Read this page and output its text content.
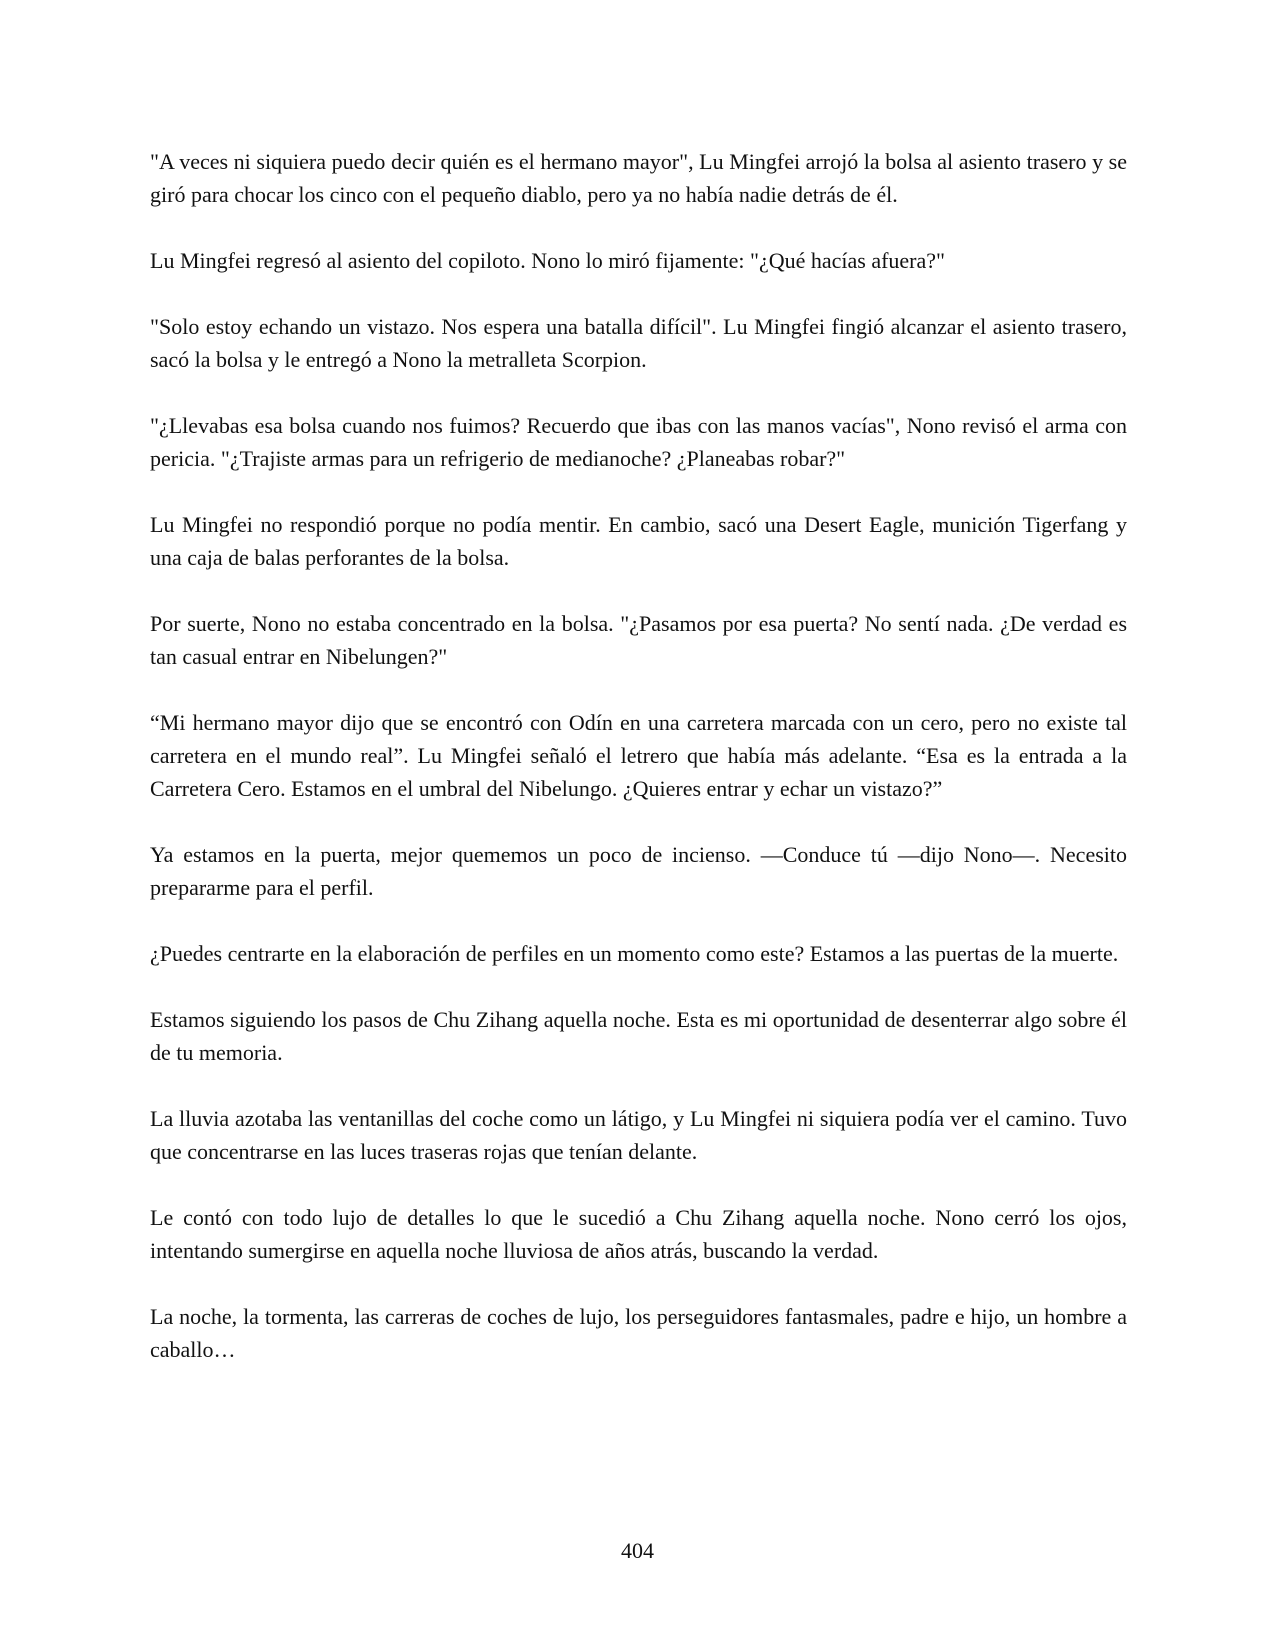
"A veces ni siquiera puedo decir quién es el hermano mayor", Lu Mingfei arrojó la bolsa al asiento trasero y se giró para chocar los cinco con el pequeño diablo, pero ya no había nadie detrás de él.

Lu Mingfei regresó al asiento del copiloto. Nono lo miró fijamente: "¿Qué hacías afuera?"

"Solo estoy echando un vistazo. Nos espera una batalla difícil". Lu Mingfei fingió alcanzar el asiento trasero, sacó la bolsa y le entregó a Nono la metralleta Scorpion.

"¿Llevabas esa bolsa cuando nos fuimos? Recuerdo que ibas con las manos vacías", Nono revisó el arma con pericia. "¿Trajiste armas para un refrigerio de medianoche? ¿Planeabas robar?"

Lu Mingfei no respondió porque no podía mentir. En cambio, sacó una Desert Eagle, munición Tigerfang y una caja de balas perforantes de la bolsa.

Por suerte, Nono no estaba concentrado en la bolsa. "¿Pasamos por esa puerta? No sentí nada. ¿De verdad es tan casual entrar en Nibelungen?"

“Mi hermano mayor dijo que se encontró con Odín en una carretera marcada con un cero, pero no existe tal carretera en el mundo real”. Lu Mingfei señaló el letrero que había más adelante. “Esa es la entrada a la Carretera Cero. Estamos en el umbral del Nibelungo. ¿Quieres entrar y echar un vistazo?”

Ya estamos en la puerta, mejor quememos un poco de incienso. —Conduce tú —dijo Nono—. Necesito prepararme para el perfil.

¿Puedes centrarte en la elaboración de perfiles en un momento como este? Estamos a las puertas de la muerte.

Estamos siguiendo los pasos de Chu Zihang aquella noche. Esta es mi oportunidad de desenterrar algo sobre él de tu memoria.

La lluvia azotaba las ventanillas del coche como un látigo, y Lu Mingfei ni siquiera podía ver el camino. Tuvo que concentrarse en las luces traseras rojas que tenían delante.

Le contó con todo lujo de detalles lo que le sucedió a Chu Zihang aquella noche. Nono cerró los ojos, intentando sumergirse en aquella noche lluviosa de años atrás, buscando la verdad.

La noche, la tormenta, las carreras de coches de lujo, los perseguidores fantasmales, padre e hijo, un hombre a caballo…

404
